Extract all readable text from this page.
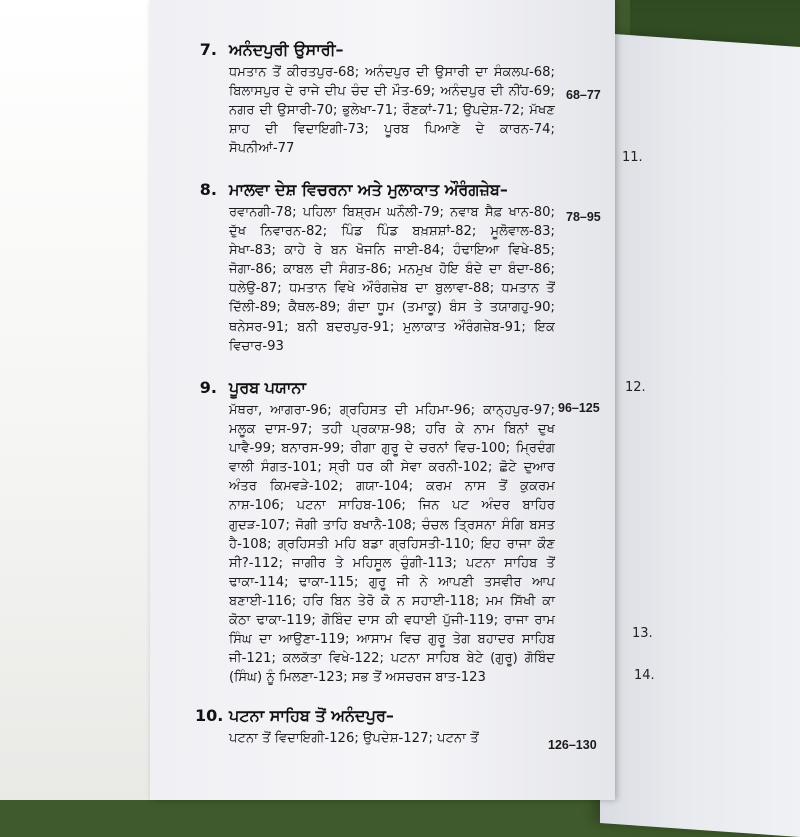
11.
12.
13.
14.
7. ਅਨੰਦਪੁਰੀ ਉਸਾਰੀ–
ਧਮਤਾਨ ਤੋਂ ਕੀਰਤਪੁਰ-68; ਅਨੰਦਪੁਰ ਦੀ ਉਸਾਰੀ ਦਾ ਸੰਕਲਪ-68; ਬਿਲਾਸਪੁਰ ਦੇ ਰਾਜੇ ਦੀਪ ਚੰਦ ਦੀ ਮੌਤ-69; ਅਨੰਦਪੁਰ ਦੀ ਨੀਂਹ-69; ਨਗਰ ਦੀ ਉਸਾਰੀ-70; ਭੁਲੇਖਾ-71; ਰੌਣਕਾਂ-71; ਉਪਦੇਸ਼-72; ਮੱਖਣ ਸ਼ਾਹ ਦੀ ਵਿਦਾਇਗੀ-73; ਪੂਰਬ ਪਿਆਣੇ ਦੇ ਕਾਰਨ-74; ਸੋਪਨੀਆਂ-77
68–77
8. ਮਾਲਵਾ ਦੇਸ਼ ਵਿਚਰਨਾ ਅਤੇ ਮੁਲਾਕਾਤ ਔਰੰਗਜ਼ੇਬ–
ਰਵਾਨਗੀ-78; ਪਹਿਲਾ ਬਿਸ਼੍ਰਮ ਘਨੌਲੀ-79; ਨਵਾਬ ਸੈਫ਼ ਖਾਨ-80; ਦੁੱਖ ਨਿਵਾਰਨ-82; ਪਿੰਡ ਪਿੰਡ ਬਖ਼ਸ਼ਸ਼ਾਂ-82; ਮੂਲੋਵਾਲ-83; ਸੇਖਾ-83; ਕਾਹੇ ਰੇ ਬਨ ਖੋਜਨਿ ਜਾਈ-84; ਹੰਢਾਇਆ ਵਿਖੇ-85; ਜੋਗਾ-86; ਕਾਬਲ ਦੀ ਸੰਗਤ-86; ਮਨਮੁਖ ਹੋਇ ਬੰਦੇ ਦਾ ਬੰਦਾ-86; ਧਲੇਉ-87; ਧਮਤਾਨ ਵਿਖੇ ਔਰੰਗਜ਼ੇਬ ਦਾ ਬੁਲਾਵਾ-88; ਧਮਤਾਨ ਤੋਂ ਦਿੱਲੀ-89; ਕੈਥਲ-89; ਗੰਦਾ ਧੂਮ (ਤਮਾਕੂ) ਬੰਸ ਤੇ ਤਯਾਗਹੁ-90; ਥਨੇਸਰ-91; ਬਨੀ ਬਦਰਪੁਰ-91; ਮੁਲਾਕਾਤ ਔਰੰਗਜ਼ੇਬ-91; ਇਕ ਵਿਚਾਰ-93
78–95
9. ਪੂਰਬ ਪਯਾਨਾ
ਮੱਥਰਾ, ਆਗਰਾ-96; ਗ੍ਰਹਿਸਤ ਦੀ ਮਹਿਮਾ-96; ਕਾਨ੍ਹਪੁਰ-97; ਮਲੂਕ ਦਾਸ-97; ਤਹੀ ਪ੍ਰਕਾਸ਼-98; ਹਰਿ ਕੇ ਨਾਮ ਬਿਨਾਂ ਦੁਖ ਪਾਵੈ-99; ਬਨਾਰਸ-99; ਰੀਗਾ ਗੁਰੂ ਦੇ ਚਰਨਾਂ ਵਿਚ-100; ਮ੍ਰਿਦੰਗ ਵਾਲੀ ਸੰਗਤ-101; ਸ੍ਰੀ ਧਰ ਕੀ ਸੇਵਾ ਕਰਨੀ-102; ਛੋਟੇ ਦੁਆਰ ਅੰਤਰ ਕਿਮਵੜੇ-102; ਗਯਾ-104; ਕਰਮ ਨਾਸ ਤੋਂ ਕੁਕਰਮ ਨਾਸ਼-106; ਪਟਨਾ ਸਾਹਿਬ-106; ਜਿਨ ਪਟ ਅੰਦਰ ਬਾਹਿਰ ਗੁਦੜ-107; ਜੋਗੀ ਤਾਹਿ ਬਖਾਨੈ-108; ਚੰਚਲ ਤ੍ਰਿਸਨਾ ਸੰਗਿ ਬਸਤ ਹੈ-108; ਗ੍ਰਹਿਸਤੀ ਮਹਿ ਬਡਾ ਗ੍ਰਹਿਸਤੀ-110; ਇਹ ਰਾਜਾ ਕੌਣ ਸੀ?-112; ਜਾਗੀਰ ਤੇ ਮਹਿਸੂਲ ਚੁੰਗੀ-113; ਪਟਨਾ ਸਾਹਿਬ ਤੋਂ ਢਾਕਾ-114; ਢਾਕਾ-115; ਗੁਰੂ ਜੀ ਨੇ ਆਪਣੀ ਤਸਵੀਰ ਆਪ ਬਣਾਈ-116; ਹਰਿ ਬਿਨ ਤੇਰੋ ਕੋ ਨ ਸਹਾਈ-118; ਮਮ ਸਿੱਖੀ ਕਾ ਕੋਠਾ ਢਾਕਾ-119; ਗੋਬਿੰਦ ਦਾਸ ਕੀ ਵਧਾਈ ਪੁੱਜੀ-119; ਰਾਜਾ ਰਾਮ ਸਿੰਘ ਦਾ ਆਉਣਾ-119; ਆਸਾਮ ਵਿਚ ਗੁਰੂ ਤੇਗ ਬਹਾਦਰ ਸਾਹਿਬ ਜੀ-121; ਕਲਕੱਤਾ ਵਿਖੇ-122; ਪਟਨਾ ਸਾਹਿਬ ਬੇਟੇ (ਗੁਰੂ) ਗੋਬਿੰਦ (ਸਿੰਘ) ਨੂੰ ਮਿਲਣਾ-123; ਸਭ ਤੋਂ ਅਸਚਰਜ ਬਾਤ-123
96–125
10. ਪਟਨਾ ਸਾਹਿਬ ਤੋਂ ਅਨੰਦਪੁਰ–
ਪਟਨਾ ਤੋਂ ਵਿਦਾਇਗੀ-126; ਉਪਦੇਸ਼-127; ਪਟਨਾ ਤੋਂ	126–130
